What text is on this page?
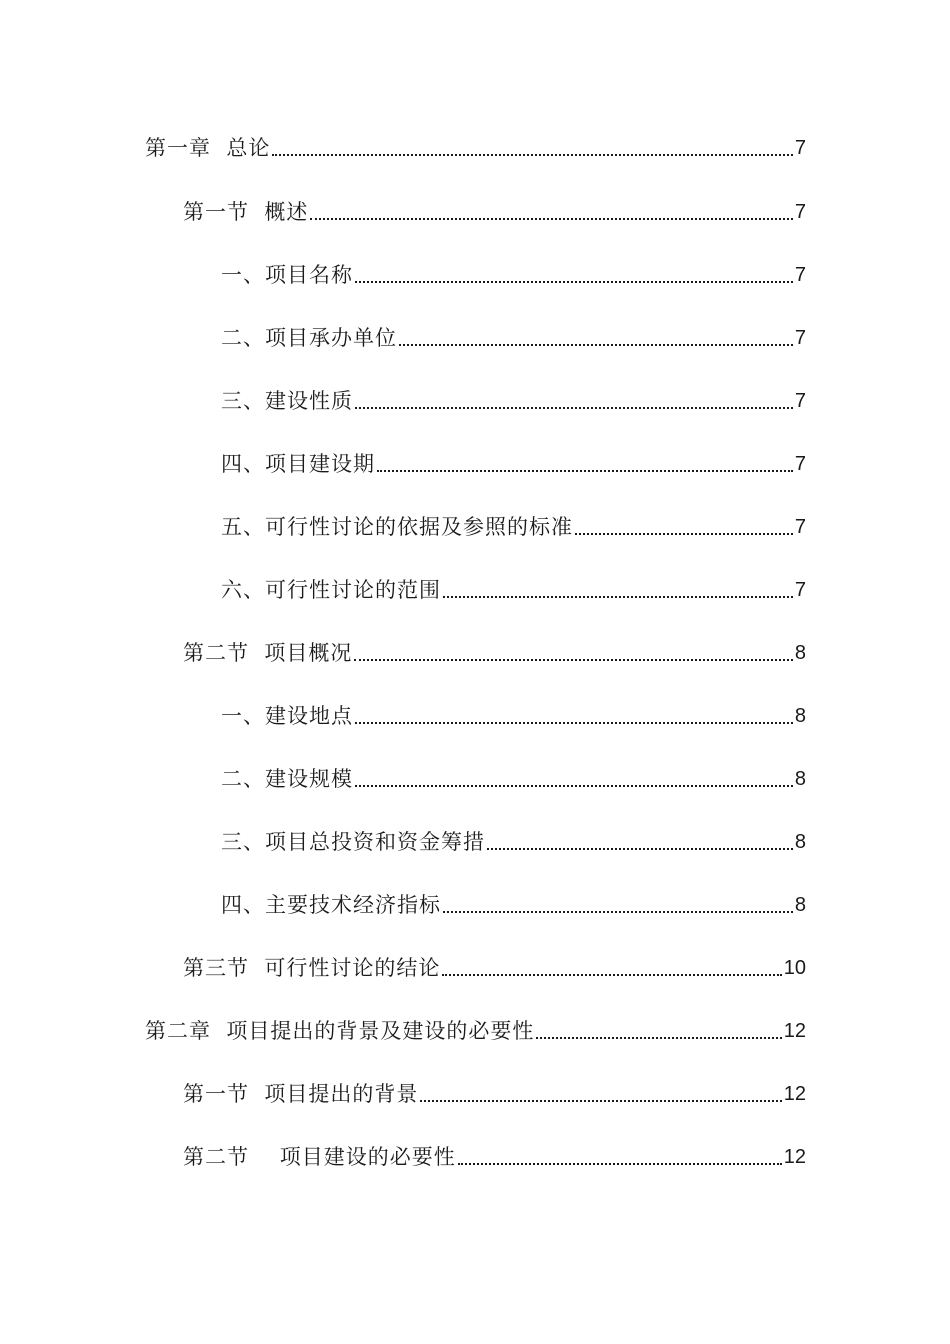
第一章  总论	7
第一节  概述	7
一、项目名称	7
二、项目承办单位	7
三、建设性质	7
四、项目建设期	7
五、可行性讨论的依据及参照的标准	7
六、可行性讨论的范围	7
第二节  项目概况	8
一、建设地点	8
二、建设规模	8
三、项目总投资和资金筹措	8
四、主要技术经济指标	8
第三节  可行性讨论的结论	10
第二章  项目提出的背景及建设的必要性	12
第一节  项目提出的背景	12
第二节    项目建设的必要性	12
